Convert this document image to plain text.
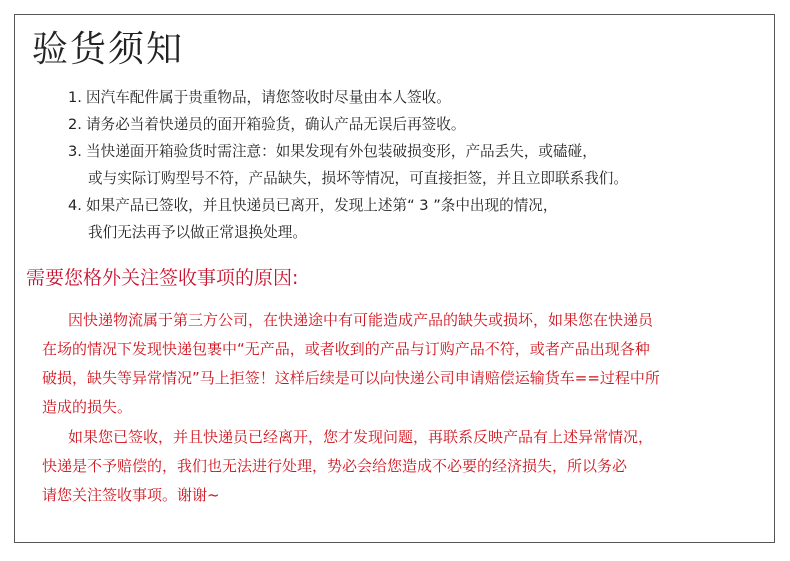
验货须知
1. 因汽车配件属于贵重物品，请您签收时尽量由本人签收。
2. 请务必当着快递员的面开箱验货，确认产品无误后再签收。
3. 当快递面开箱验货时需注意：如果发现有外包装破损变形，产品丢失，或磕碰，
或与实际订购型号不符，产品缺失，损坏等情况，可直接拒签，并且立即联系我们。
4. 如果产品已签收，并且快递员已离开，发现上述第“ 3 ”条中出现的情况，
我们无法再予以做正常退换处理。
需要您格外关注签收事项的原因:
因快递物流属于第三方公司，在快递途中有可能造成产品的缺失或损坏，如果您在快递员
在场的情况下发现快递包裹中“无产品，或者收到的产品与订购产品不符，或者产品出现各种
破损，缺失等异常情况”马上拒签！这样后续是可以向快递公司申请赔偿运输货车==过程中所
造成的损失。
如果您已签收，并且快递员已经离开，您才发现问题，再联系反映产品有上述异常情况，
快递是不予赔偿的，我们也无法进行处理，势必会给您造成不必要的经济损失，所以务必
请您关注签收事项。谢谢~
